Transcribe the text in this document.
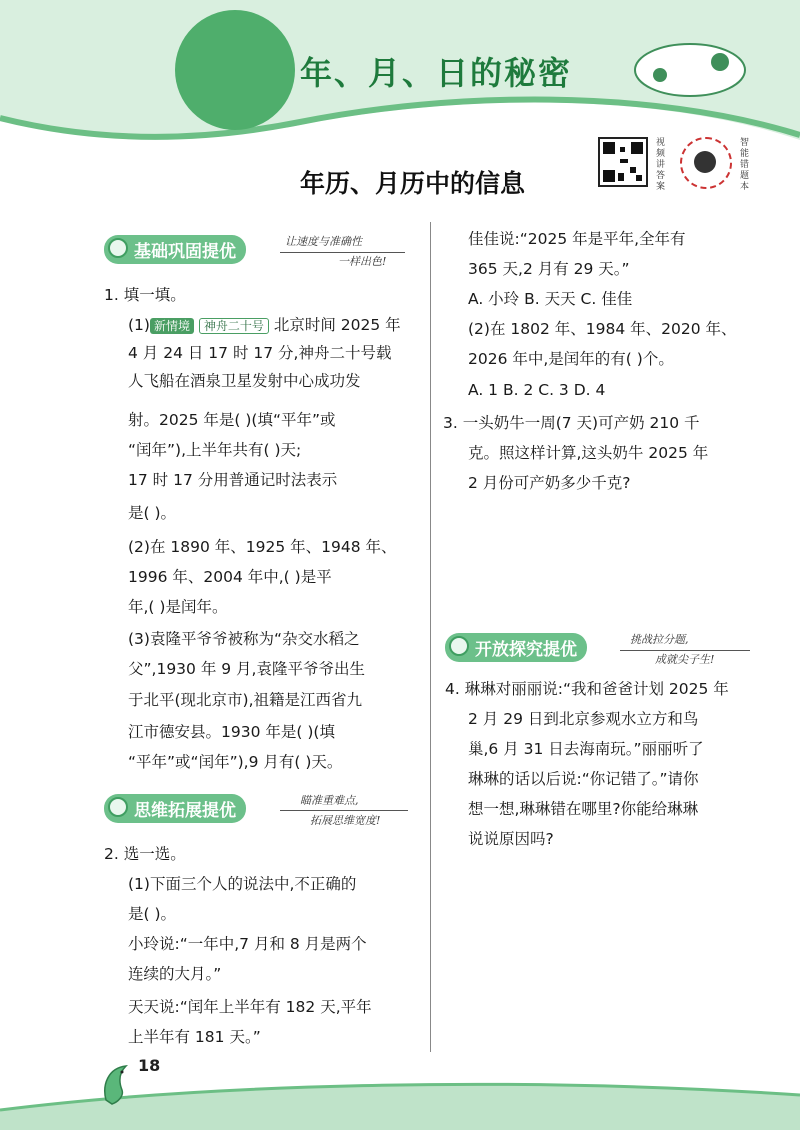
年、月、日的秘密
年历、月历中的信息
视频讲答案
智能错题本
基础巩固提优	让速度与准确性
一样出色!
1. 填一填。
(1) 新情境 神舟二十号 北京时间 2025 年
4 月 24 日 17 时 17 分,神舟二十号载
人飞船在酒泉卫星发射中心成功发
射。2025 年是( )(填“平年”或
“闰年”),上半年共有( )天;
17 时 17 分用普通记时法表示
是( )。
(2)在 1890 年、1925 年、1948 年、
1996 年、2004 年中,( )是平
年,( )是闰年。
(3)袁隆平爷爷被称为“杂交水稻之
父”,1930 年 9 月,袁隆平爷爷出生
于北平(现北京市),祖籍是江西省九
江市德安县。1930 年是( )(填
“平年”或“闰年”),9 月有( )天。
思维拓展提优	瞄准重难点,
拓展思维宽度!
2. 选一选。
(1)下面三个人的说法中,不正确的
是( )。
小玲说:“一年中,7 月和 8 月是两个
连续的大月。”
天天说:“闰年上半年有 182 天,平年
上半年有 181 天。”
佳佳说:“2025 年是平年,全年有
365 天,2 月有 29 天。”
A. 小玲 B. 天天 C. 佳佳
(2)在 1802 年、1984 年、2020 年、
2026 年中,是闰年的有( )个。
A. 1 B. 2 C. 3 D. 4
3. 一头奶牛一周(7 天)可产奶 210 千
克。照这样计算,这头奶牛 2025 年
2 月份可产奶多少千克?
开放探究提优	挑战拉分题,
成就尖子生!
4. 琳琳对丽丽说:“我和爸爸计划 2025 年
2 月 29 日到北京参观水立方和鸟
巢,6 月 31 日去海南玩。”丽丽听了
琳琳的话以后说:“你记错了。”请你
想一想,琳琳错在哪里?你能给琳琳
说说原因吗?
18
